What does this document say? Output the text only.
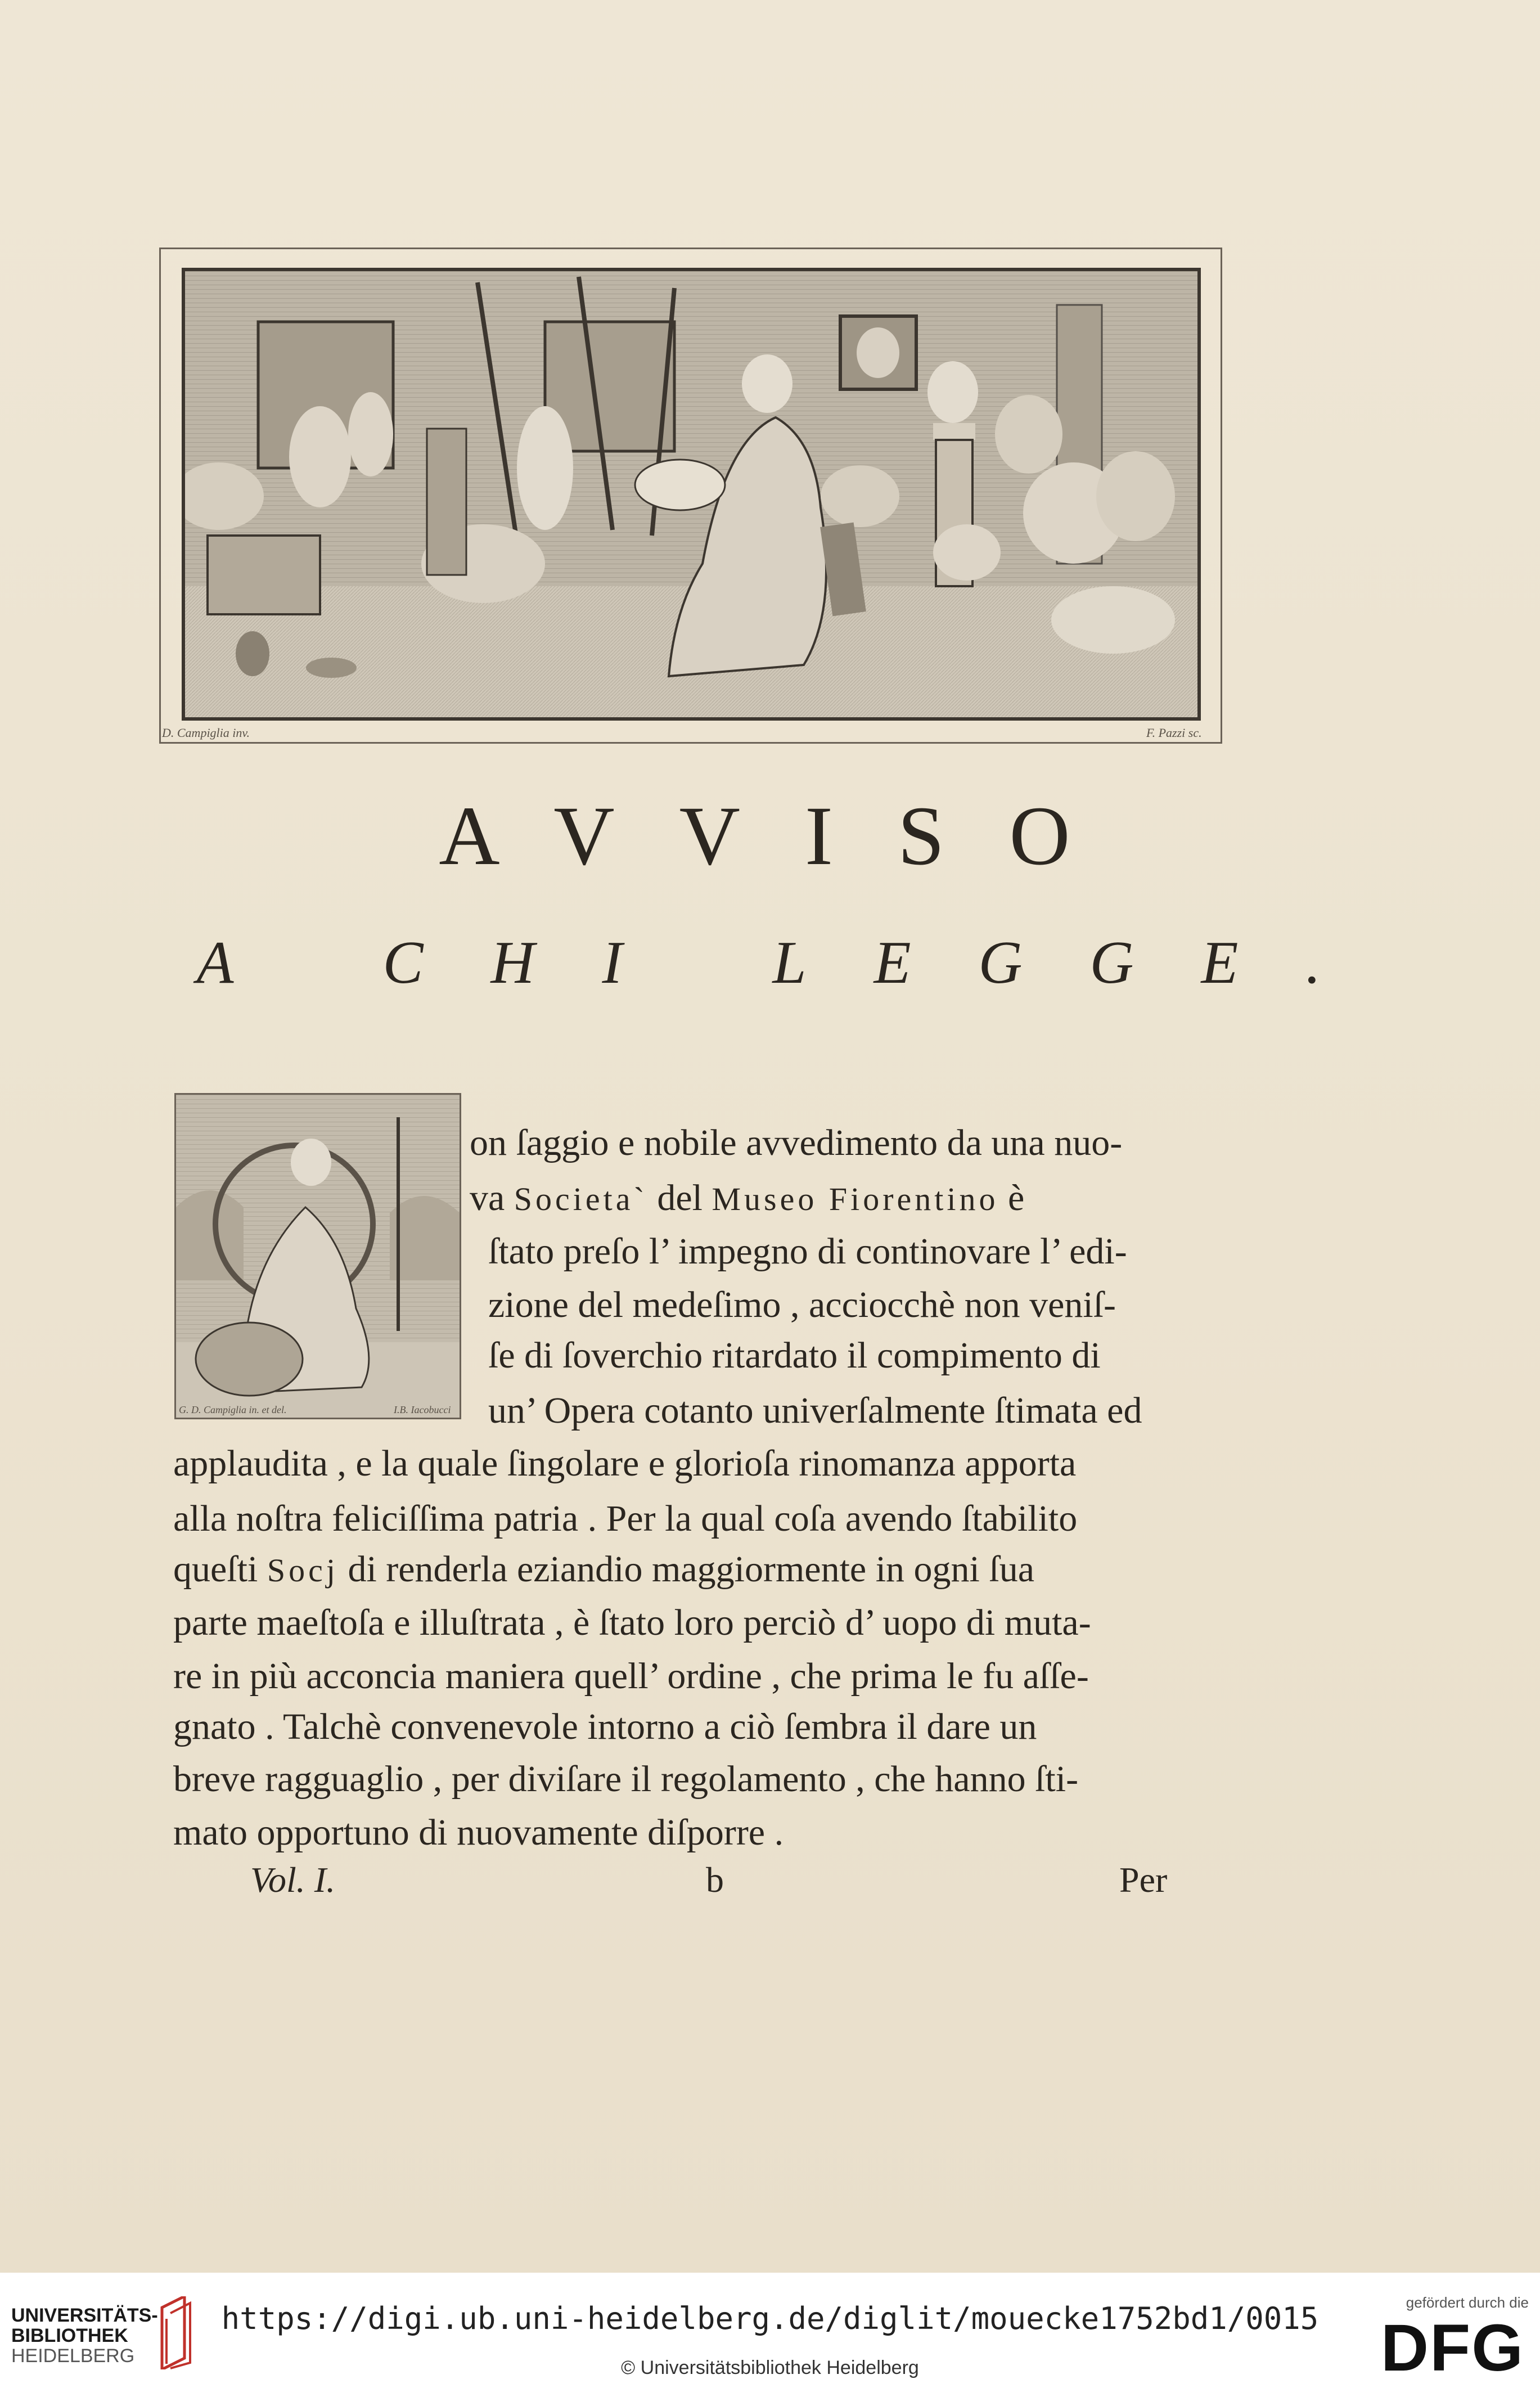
D. Campiglia inv.	F. Pazzi sc.
AVVISO
A CHI LEGGE.
G. D. Campiglia in. et del.	I.B. Iacobucci
on ſaggio e nobile avvedimento da una nuo-
va Societa` del Museo Fiorentino è
ſtato preſo l’ impegno di continovare l’ edi-
zione del medeſimo , acciocchè non veniſ-
ſe di ſoverchio ritardato il compimento di
un’ Opera cotanto univerſalmente ſtimata ed
applaudita , e la quale ſingolare e glorioſa rinomanza apporta
alla noſtra feliciſſima patria . Per la qual coſa avendo ſtabilito
queſti Socj di renderla eziandio maggiormente in ogni ſua
parte maeſtoſa e illuſtrata , è ſtato loro perciò d’ uopo di muta-
re in più acconcia maniera quell’ ordine , che prima le fu aſſe-
gnato . Talchè convenevole intorno a ciò ſembra il dare un
breve ragguaglio , per diviſare il regolamento , che hanno ſti-
mato opportuno di nuovamente diſporre .
Vol. I.	b	Per
UNIVERSITÄTS-
BIBLIOTHEK
HEIDELBERG
https://digi.ub.uni-heidelberg.de/diglit/mouecke1752bd1/0015
© Universitätsbibliothek Heidelberg
gefördert durch die
DFG
